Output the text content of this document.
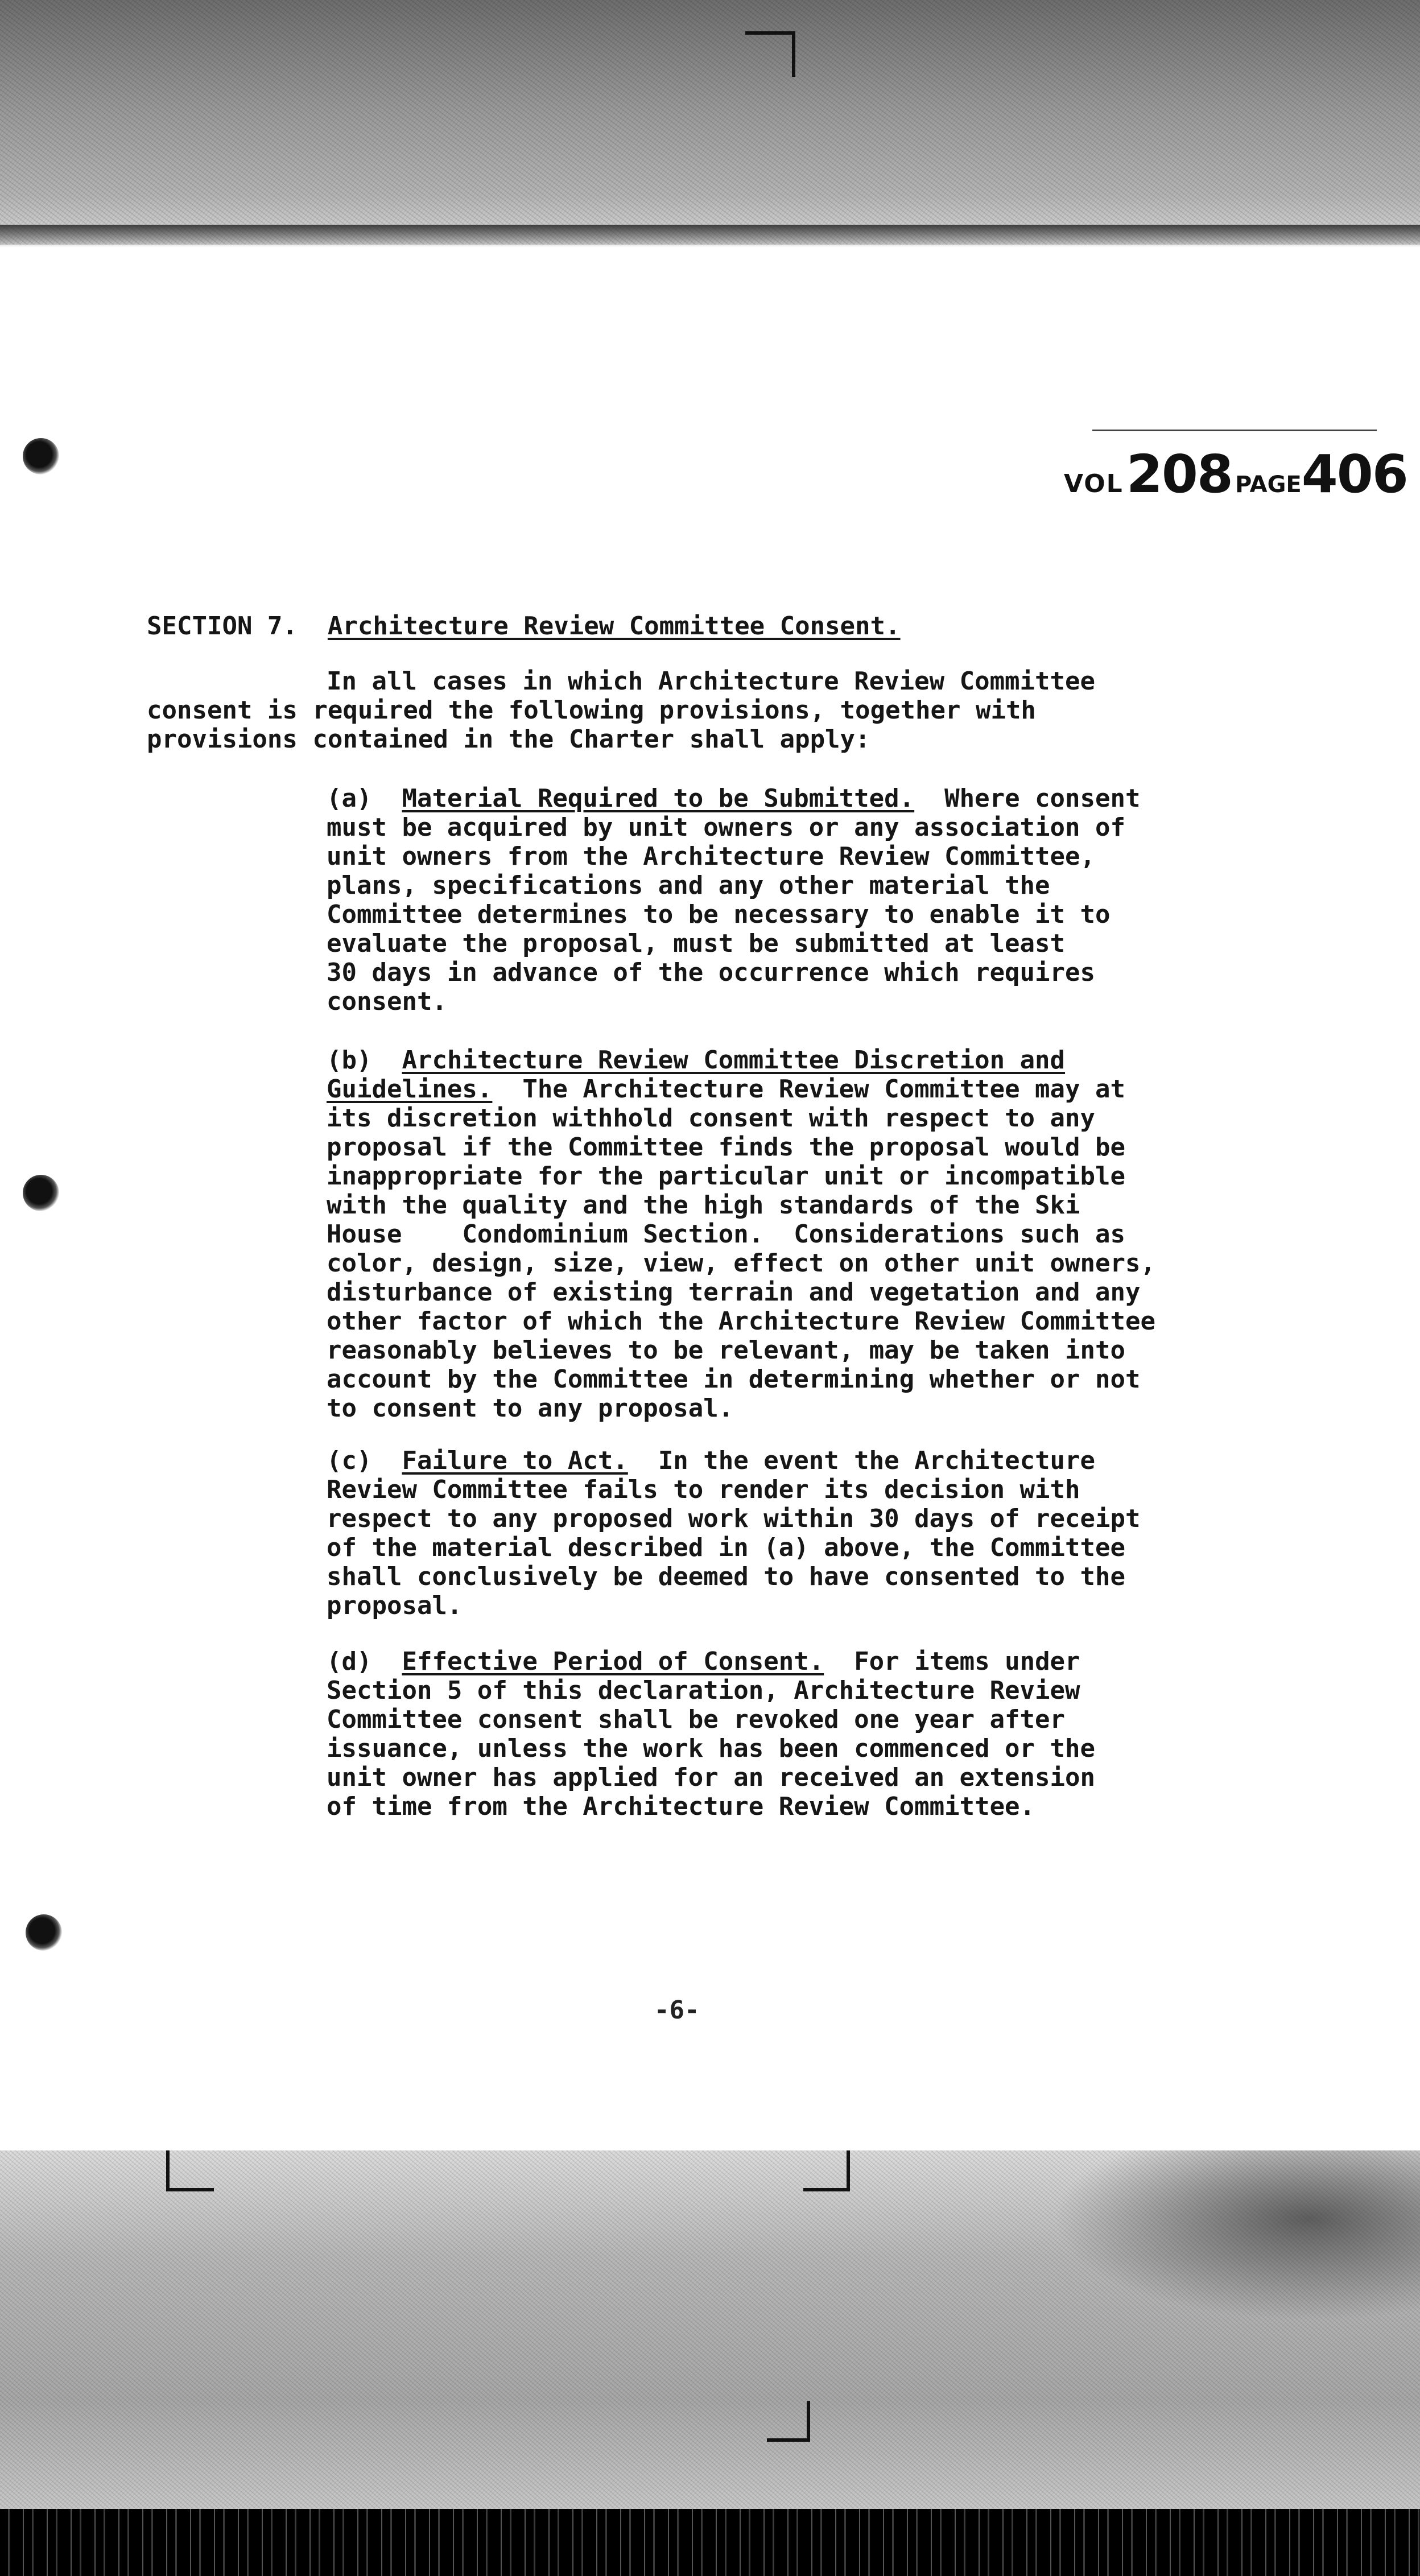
VOL 208 PAGE406
SECTION 7. Architecture Review Committee Consent.
In all cases in which Architecture Review Committee
consent is required the following provisions, together with
provisions contained in the Charter shall apply:
(a) Material Required to be Submitted. Where consent
must be acquired by unit owners or any association of
unit owners from the Architecture Review Committee,
plans, specifications and any other material the
Committee determines to be necessary to enable it to
evaluate the proposal, must be submitted at least
30 days in advance of the occurrence which requires
consent.
(b) Architecture Review Committee Discretion and
Guidelines. The Architecture Review Committee may at
its discretion withhold consent with respect to any
proposal if the Committee finds the proposal would be
inappropriate for the particular unit or incompatible
with the quality and the high standards of the Ski
House    Condominium Section.  Considerations such as
color, design, size, view, effect on other unit owners,
disturbance of existing terrain and vegetation and any
other factor of which the Architecture Review Committee
reasonably believes to be relevant, may be taken into
account by the Committee in determining whether or not
to consent to any proposal.
(c) Failure to Act. In the event the Architecture
Review Committee fails to render its decision with
respect to any proposed work within 30 days of receipt
of the material described in (a) above, the Committee
shall conclusively be deemed to have consented to the
proposal.
(d) Effective Period of Consent. For items under
Section 5 of this declaration, Architecture Review
Committee consent shall be revoked one year after
issuance, unless the work has been commenced or the
unit owner has applied for an received an extension
of time from the Architecture Review Committee.
-6-
